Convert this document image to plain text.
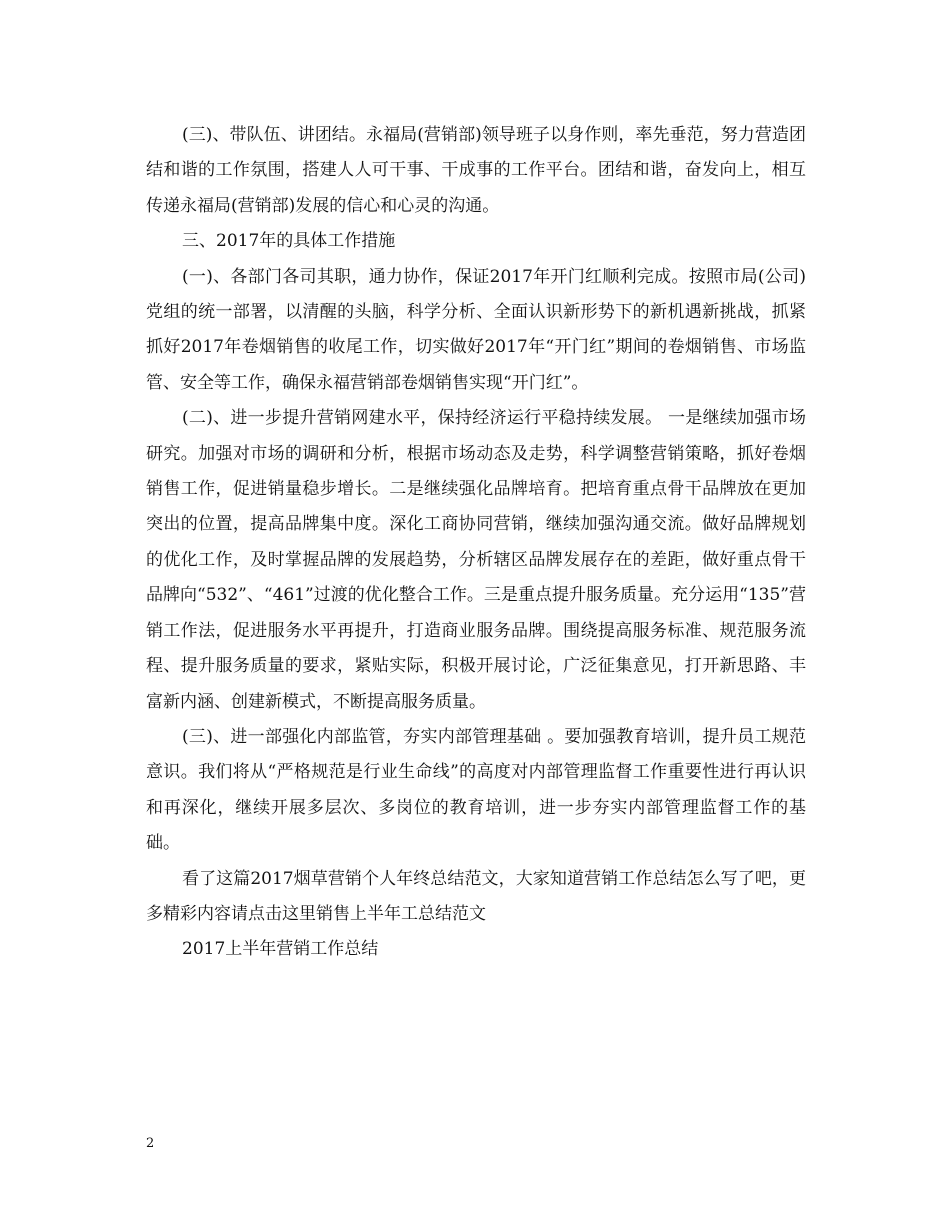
(三)、带队伍、讲团结。永福局(营销部)领导班子以身作则，率先垂范，努力营造团结和谐的工作氛围，搭建人人可干事、干成事的工作平台。团结和谐，奋发向上，相互传递永福局(营销部)发展的信心和心灵的沟通。

三、2017年的具体工作措施

(一)、各部门各司其职，通力协作，保证2017年开门红顺利完成。按照市局(公司)党组的统一部署，以清醒的头脑，科学分析、全面认识新形势下的新机遇新挑战，抓紧抓好2017年卷烟销售的收尾工作，切实做好2017年“开门红”期间的卷烟销售、市场监管、安全等工作，确保永福营销部卷烟销售实现“开门红”。

(二)、进一步提升营销网建水平，保持经济运行平稳持续发展。 一是继续加强市场研究。加强对市场的调研和分析，根据市场动态及走势，科学调整营销策略，抓好卷烟销售工作，促进销量稳步增长。二是继续强化品牌培育。把培育重点骨干品牌放在更加突出的位置，提高品牌集中度。深化工商协同营销，继续加强沟通交流。做好品牌规划的优化工作，及时掌握品牌的发展趋势，分析辖区品牌发展存在的差距，做好重点骨干品牌向“532”、“461”过渡的优化整合工作。三是重点提升服务质量。充分运用“135”营销工作法，促进服务水平再提升，打造商业服务品牌。围绕提高服务标准、规范服务流程、提升服务质量的要求，紧贴实际，积极开展讨论，广泛征集意见，打开新思路、丰富新内涵、创建新模式，不断提高服务质量。

(三)、进一部强化内部监管，夯实内部管理基础 。要加强教育培训，提升员工规范意识。我们将从“严格规范是行业生命线”的高度对内部管理监督工作重要性进行再认识和再深化，继续开展多层次、多岗位的教育培训，进一步夯实内部管理监督工作的基础。

看了这篇2017烟草营销个人年终总结范文，大家知道营销工作总结怎么写了吧，更多精彩内容请点击这里销售上半年工总结范文

2017上半年营销工作总结

2
